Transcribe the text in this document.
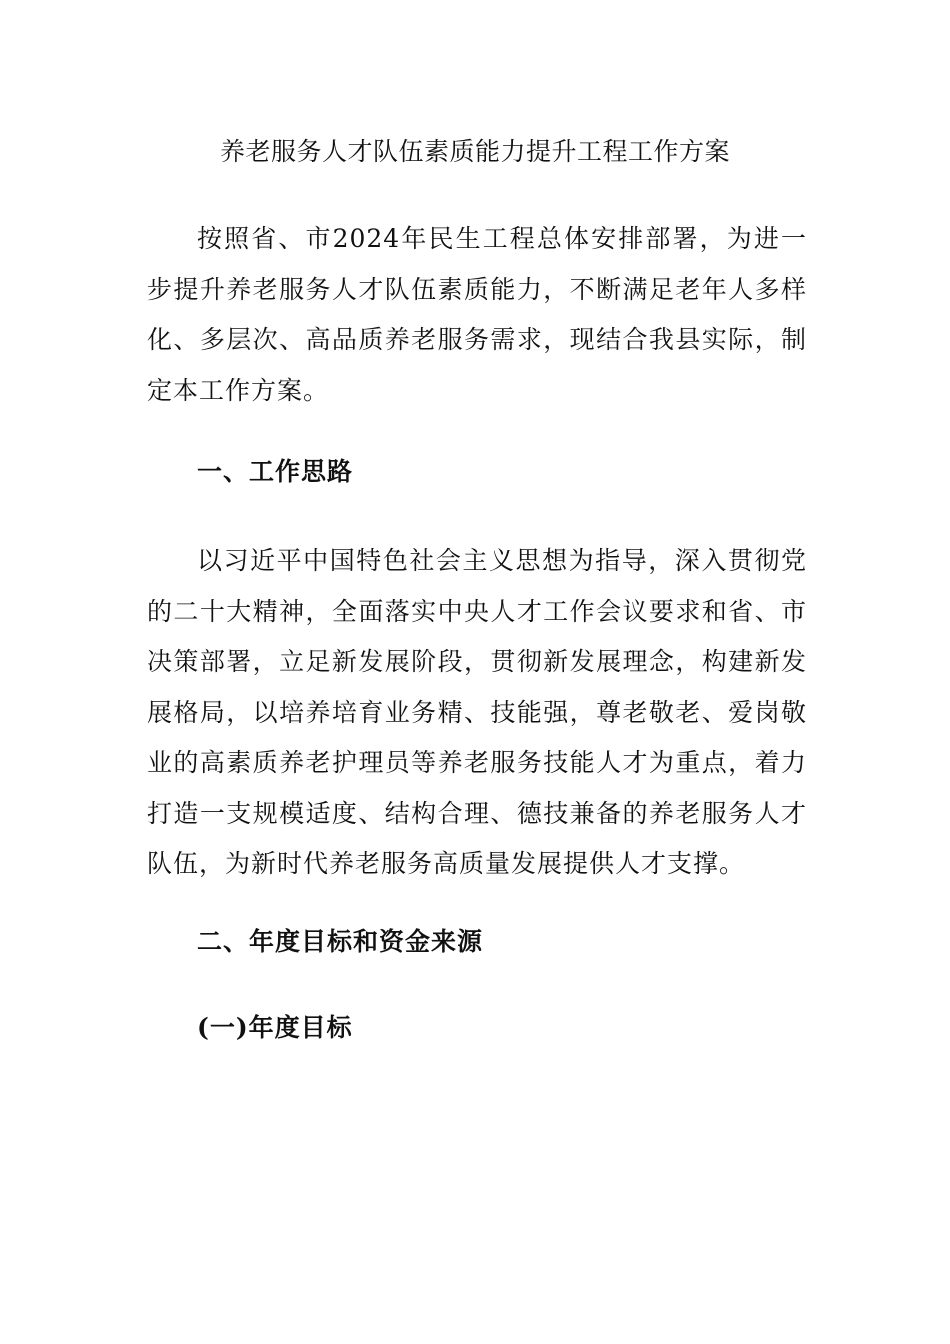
养老服务人才队伍素质能力提升工程工作方案

按照省、市2024年民生工程总体安排部署，为进一步提升养老服务人才队伍素质能力，不断满足老年人多样化、多层次、高品质养老服务需求，现结合我县实际，制定本工作方案。

一、工作思路

以习近平中国特色社会主义思想为指导，深入贯彻党的二十大精神，全面落实中央人才工作会议要求和省、市决策部署，立足新发展阶段，贯彻新发展理念，构建新发展格局，以培养培育业务精、技能强，尊老敬老、爱岗敬业的高素质养老护理员等养老服务技能人才为重点，着力打造一支规模适度、结构合理、德技兼备的养老服务人才队伍，为新时代养老服务高质量发展提供人才支撑。

二、年度目标和资金来源
(一)年度目标
